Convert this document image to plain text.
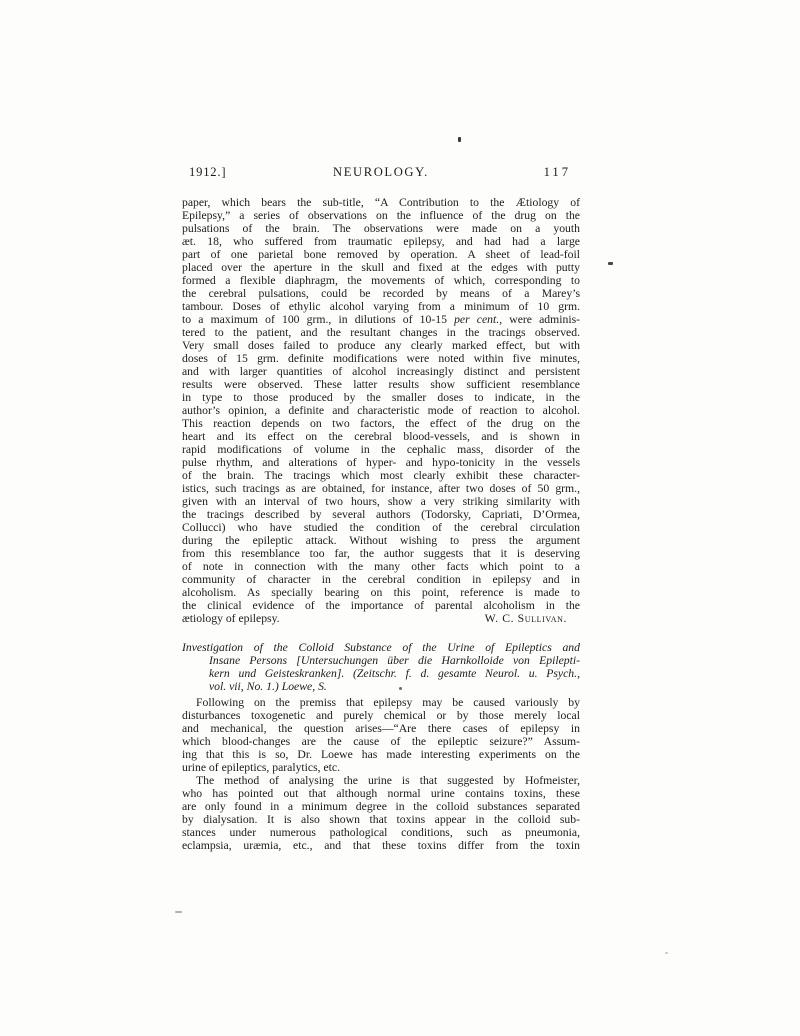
1912.]	NEUROLOGY.	117
paper, which bears the sub-title, “A Contribution to the Ætiology of
Epilepsy,” a series of observations on the influence of the drug on the
pulsations of the brain. The observations were made on a youth
æt. 18, who suffered from traumatic epilepsy, and had had a large
part of one parietal bone removed by operation. A sheet of lead-foil
placed over the aperture in the skull and fixed at the edges with putty
formed a flexible diaphragm, the movements of which, corresponding to
the cerebral pulsations, could be recorded by means of a Marey’s
tambour. Doses of ethylic alcohol varying from a minimum of 10 grm.
to a maximum of 100 grm., in dilutions of 10-15 per cent., were adminis-
tered to the patient, and the resultant changes in the tracings observed.
Very small doses failed to produce any clearly marked effect, but with
doses of 15 grm. definite modifications were noted within five minutes,
and with larger quantities of alcohol increasingly distinct and persistent
results were observed. These latter results show sufficient resemblance
in type to those produced by the smaller doses to indicate, in the
author’s opinion, a definite and characteristic mode of reaction to alcohol.
This reaction depends on two factors, the effect of the drug on the
heart and its effect on the cerebral blood-vessels, and is shown in
rapid modifications of volume in the cephalic mass, disorder of the
pulse rhythm, and alterations of hyper- and hypo-tonicity in the vessels
of the brain. The tracings which most clearly exhibit these character-
istics, such tracings as are obtained, for instance, after two doses of 50 grm.,
given with an interval of two hours, show a very striking similarity with
the tracings described by several authors (Todorsky, Capriati, D’Ormea,
Collucci) who have studied the condition of the cerebral circulation
during the epileptic attack. Without wishing to press the argument
from this resemblance too far, the author suggests that it is deserving
of note in connection with the many other facts which point to a
community of character in the cerebral condition in epilepsy and in
alcoholism. As specially bearing on this point, reference is made to
the clinical evidence of the importance of parental alcoholism in the
ætiology of epilepsy.	W. C. Sullivan.
Investigation of the Colloid Substance of the Urine of Epileptics and
Insane Persons [Untersuchungen über die Harnkolloide von Epilepti-
kern und Geisteskranken]. (Zeitschr. f. d. gesamte Neurol. u. Psych.,
vol. vii, No. 1.) Loewe, S.
Following on the premiss that epilepsy may be caused variously by
disturbances toxogenetic and purely chemical or by those merely local
and mechanical, the question arises—“Are there cases of epilepsy in
which blood-changes are the cause of the epileptic seizure?” Assum-
ing that this is so, Dr. Loewe has made interesting experiments on the
urine of epileptics, paralytics, etc.
The method of analysing the urine is that suggested by Hofmeister,
who has pointed out that although normal urine contains toxins, these
are only found in a minimum degree in the colloid substances separated
by dialysation. It is also shown that toxins appear in the colloid sub-
stances under numerous pathological conditions, such as pneumonia,
eclampsia, uræmia, etc., and that these toxins differ from the toxin
